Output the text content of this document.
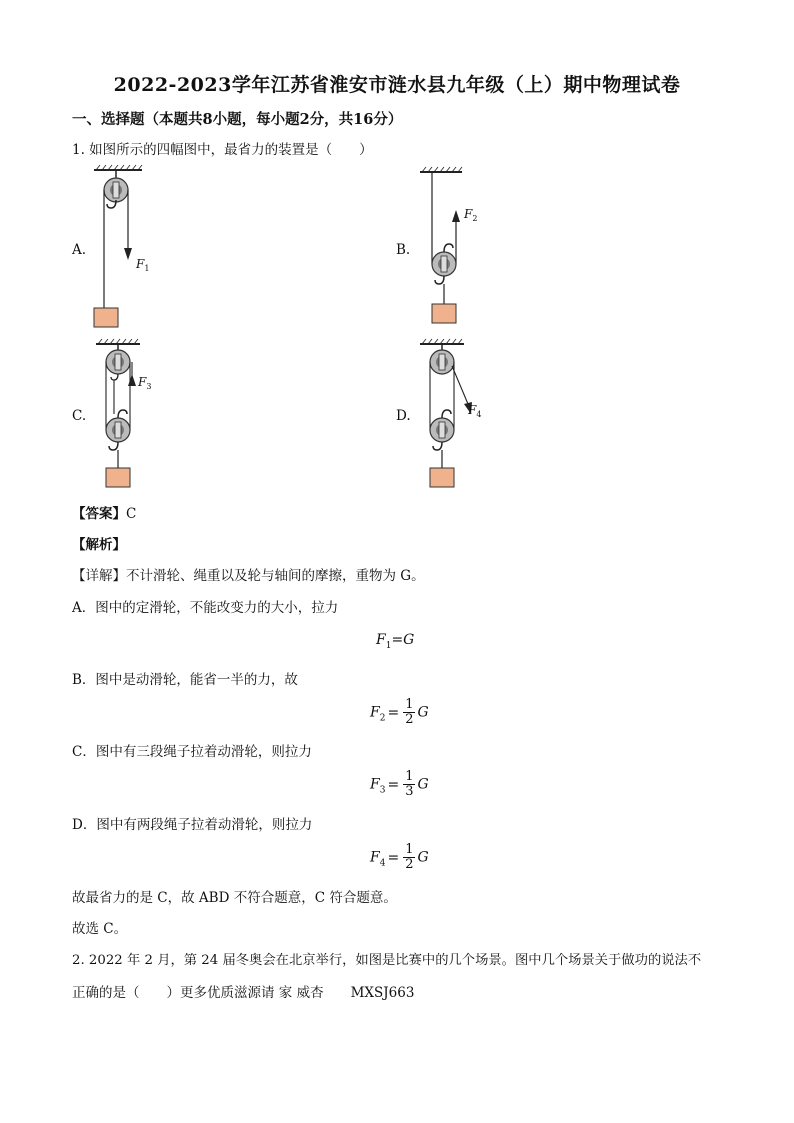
2022-2023学年江苏省淮安市涟水县九年级（上）期中物理试卷
一、选择题（本题共8小题，每小题2分，共16分）
1. 如图所示的四幅图中，最省力的装置是（　　）
A.	B.
C.	D.
$F_1$
$F_2$
$F_3$
$F_4$
【答案】C
【解析】
【详解】不计滑轮、绳重以及轮与轴间的摩擦，重物为 G。
A．图中的定滑轮，不能改变力的大小，拉力
$F_1=G$
B．图中是动滑轮，能省一半的力，故
$F_2 = \frac{1}{2}$ G
C．图中有三段绳子拉着动滑轮，则拉力
$F_3 = \frac{1}{3}$ G
D．图中有两段绳子拉着动滑轮，则拉力
$F_4 = \frac{1}{2}$ G
故最省力的是 C，故 ABD 不符合题意，C 符合题意。
故选 C。
2. 2022 年 2 月，第 24 届冬奥会在北京举行，如图是比赛中的几个场景。图中几个场景关于做功的说法不
正确的是（　　）更多优质滋源请 家 威杏　　MXSJ663
